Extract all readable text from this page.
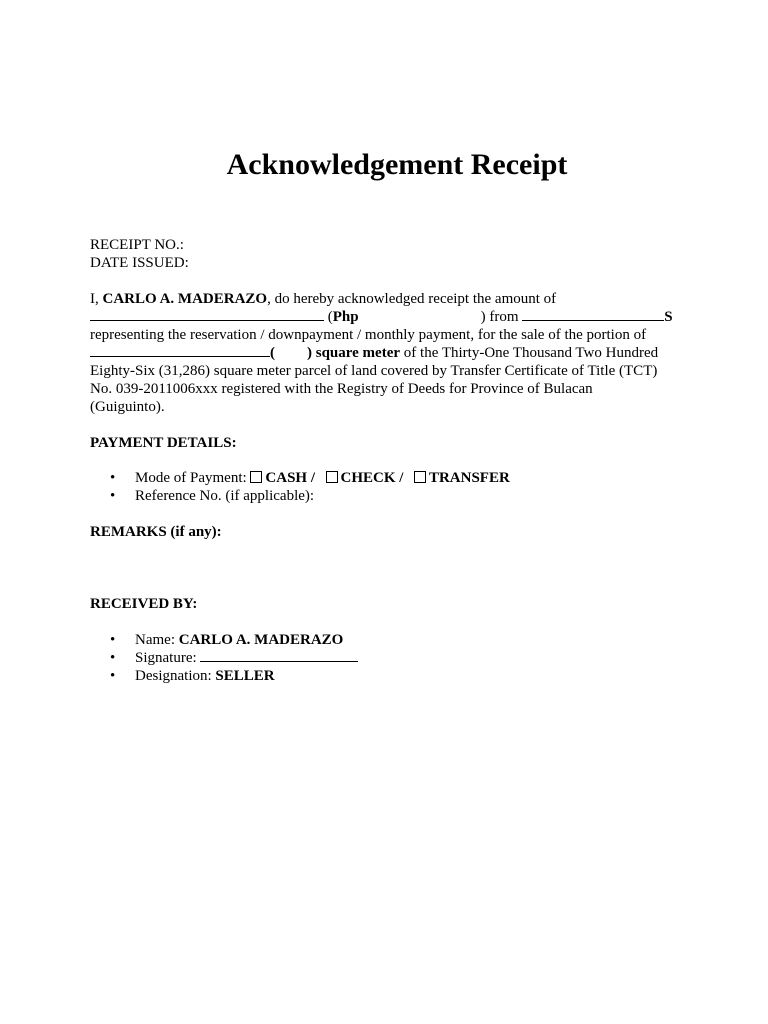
Acknowledgement Receipt
RECEIPT NO.:
DATE ISSUED:
I, CARLO A. MADERAZO, do hereby acknowledged receipt the amount of
(Php	) from	S
representing the reservation / downpayment / monthly payment, for the sale of the portion of
( ) square meter of the Thirty-One Thousand Two Hundred
Eighty-Six (31,286) square meter parcel of land covered by Transfer Certificate of Title (TCT)
No. 039-2011006xxx registered with the Registry of Deeds for Province of Bulacan
(Guiguinto).
PAYMENT DETAILS:
• Mode of Payment: CASH / CHECK / TRANSFER
• Reference No. (if applicable):
REMARKS (if any):
RECEIVED BY:
• Name: CARLO A. MADERAZO
• Signature:
• Designation: SELLER
